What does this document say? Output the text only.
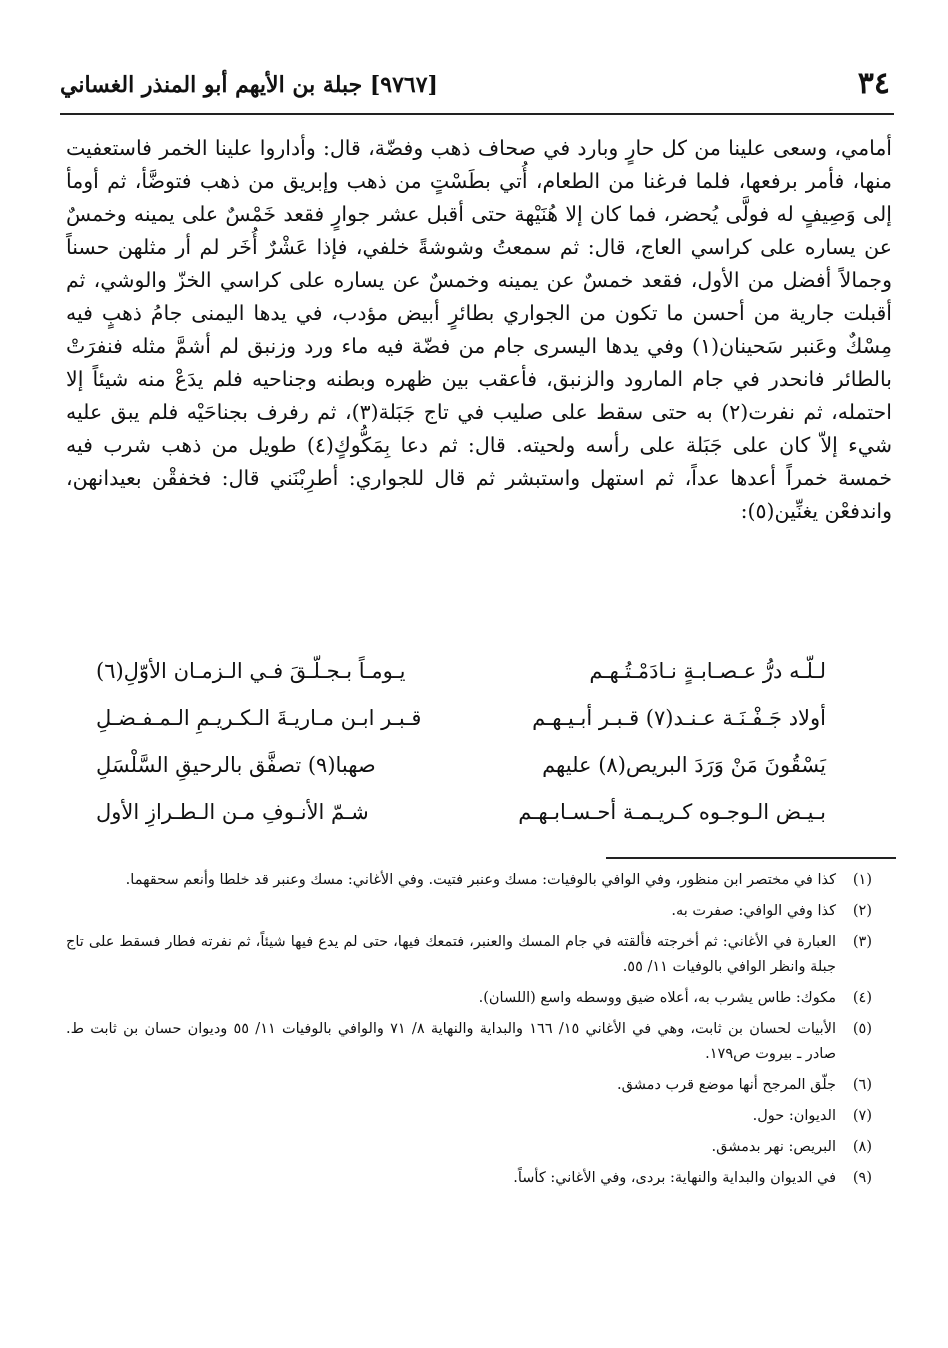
٣٤
[٩٧٦٧] جبلة بن الأيهم أبو المنذر الغساني

أمامي، وسعى علينا من كل حارٍ وبارد في صحاف ذهب وفضّة، قال: وأداروا علينا الخمر فاستعفيت منها، فأمر برفعها، فلما فرغنا من الطعام، أُتي بطَسْتٍ من ذهب وإبريق من ذهب فتوضَّأ، ثم أومأ إلى وَصِيفٍ له فولَّى يُحضر، فما كان إلا هُنَيْهة حتى أقبل عشر جوارٍ فقعد خَمْسٌ على يمينه وخمسٌ عن يساره على كراسي العاج، قال: ثم سمعتُ وشوشةً خلفي، فإذا عَشْرٌ أُخَر لم أر مثلهن حسناً وجمالاً أفضل من الأول، فقعد خمسٌ عن يمينه وخمسٌ عن يساره على كراسي الخزّ والوشي، ثم أقبلت جارية من أحسن ما تكون من الجواري بطائرٍ أبيض مؤدب، في يدها اليمنى جامُ ذهبٍ فيه مِسْكٌ وعَنبر سَحينان(١) وفي يدها اليسرى جام من فضّة فيه ماء ورد وزنبق لم أشمَّ مثله فنفرَتْ بالطائر فانحدر في جام المارود والزنبق، فأعقب بين ظهره وبطنه وجناحيه فلم يدَعْ منه شيئاً إلا احتمله، ثم نفرت(٢) به حتى سقط على صليب في تاج جَبَلة(٣)، ثم رفرف بجناحَيْه فلم يبق عليه شيء إلاّ كان على جَبَلة على رأسه ولحيته. قال: ثم دعا بِمَكُّوكٍ(٤) طويل من ذهب شرب فيه خمسة خمراً أعدها عداً، ثم استهل واستبشر ثم قال للجواري: أطرِبْنَني قال: فخفقْن بعيدانهن، واندفعْن يغنِّين(٥):

لـلّـه درُّ عـصـابـةٍ نـادَمْـتُـهـم
يـومـاً بـجـلّـقَ فـي الـزمـان الأوّلِ(٦)
أولاد جَـفْـنَـة عـنـد(٧) قـبـر أبـيـهـم
قـبـر ابـن مـاريـةَ الـكـريـمِ الـمـفـضـلِ
يَسْقُونَ مَنْ وَرَدَ البريص(٨) عليهم
صهبا(٩) تصفَّق بالرحيقِ السَّلْسَلِ
بـيـض الـوجـوه كـريـمـة أحـسـابـهـم
شـمّ الأنـوفِ مـن الـطـرازِ الأول
(١)
كذا في مختصر ابن منظور، وفي الوافي بالوفيات: مسك وعنبر فتيت. وفي الأغاني: مسك وعنبر قد خلطا وأنعم سحقهما.
(٢)
كذا وفي الوافي: صفرت به.
(٣)
العبارة في الأغاني: ثم أخرجته فألقته في جام المسك والعنبر، فتمعك فيها، حتى لم يدع فيها شيئاً، ثم نفرته فطار فسقط على تاج جبلة وانظر الوافي بالوفيات ١١/ ٥٥.
(٤)
مكوك: طاس يشرب به، أعلاه ضيق ووسطه واسع (اللسان).
(٥)
الأبيات لحسان بن ثابت، وهي في الأغاني ١٥/ ١٦٦ والبداية والنهاية ٨/ ٧١ والوافي بالوفيات ١١/ ٥٥ وديوان حسان بن ثابت ط. صادر ـ بيروت ص١٧٩.
(٦)
جلّق المرجح أنها موضع قرب دمشق.
(٧)
الديوان: حول.
(٨)
البريص: نهر بدمشق.
(٩)
في الديوان والبداية والنهاية: بردى، وفي الأغاني: كأساً.
